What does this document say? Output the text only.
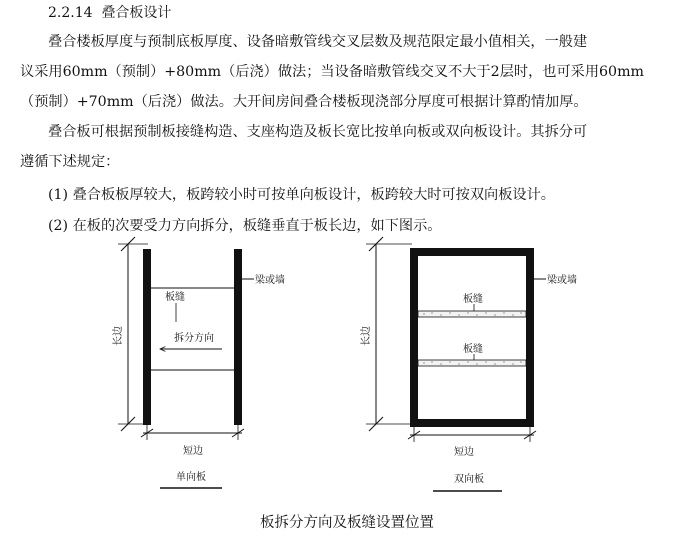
2.2.14 叠合板设计
叠合楼板厚度与预制底板厚度、设备暗敷管线交叉层数及规范限定最小值相关，一般建
议采用60mm（预制）+80mm（后浇）做法；当设备暗敷管线交叉不大于2层时，也可采用60mm
（预制）+70mm（后浇）做法。大开间房间叠合楼板现浇部分厚度可根据计算酌情加厚。
叠合板可根据预制板接缝构造、支座构造及板长宽比按单向板或双向板设计。其拆分可
遵循下述规定：
(1) 叠合板板厚较大，板跨较小时可按单向板设计，板跨较大时可按双向板设计。
(2) 在板的次要受力方向拆分，板缝垂直于板长边，如下图示。
长边
梁或墙
板缝
拆分方向
短边
单向板
长边
板缝
板缝
梁或墙
短边
双向板
板拆分方向及板缝设置位置
